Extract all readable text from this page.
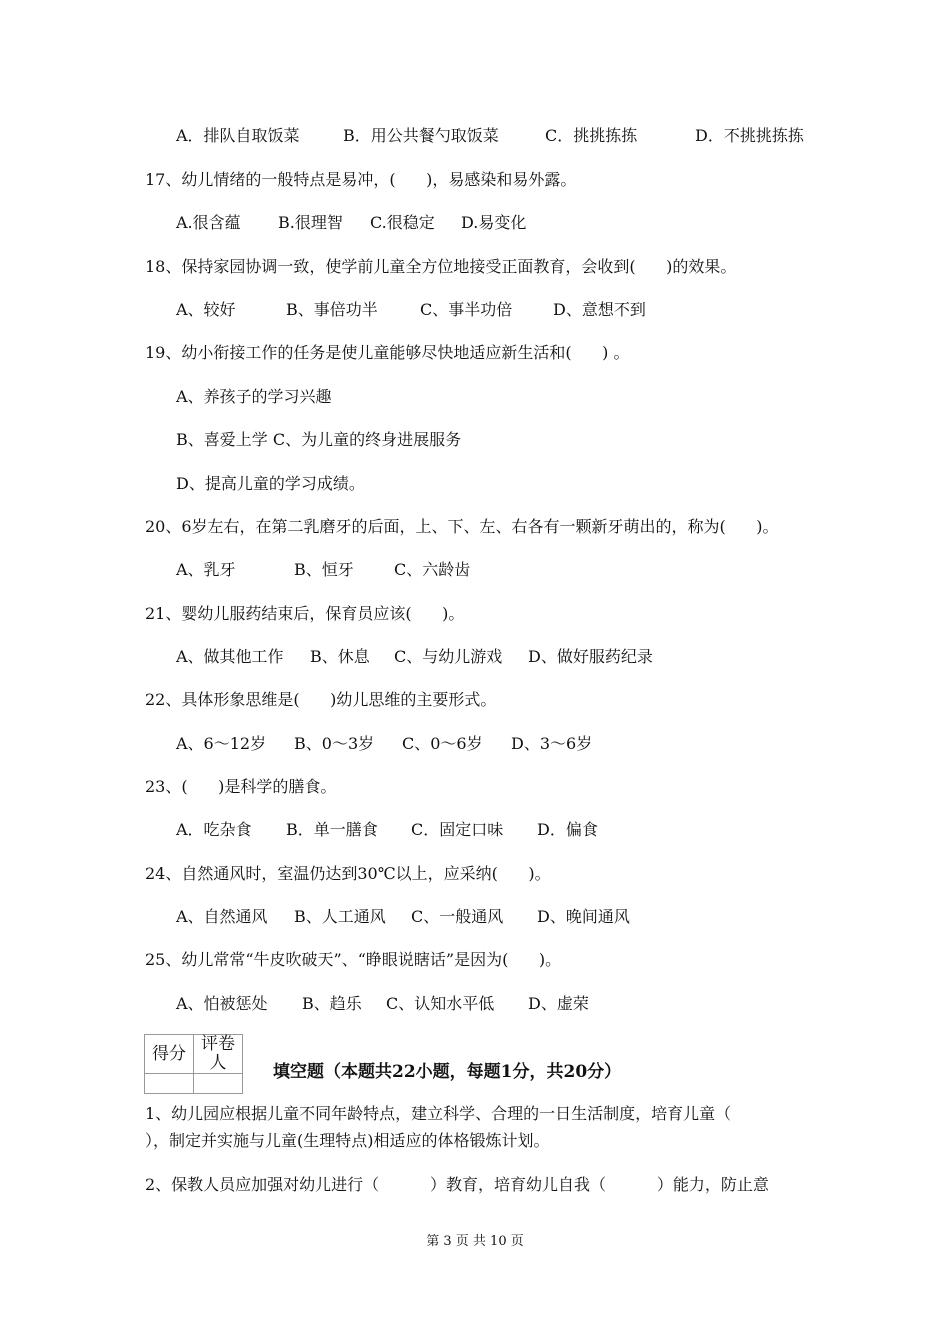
A．排队自取饭菜	B．用公共餐勺取饭菜	C．挑挑拣拣	D．不挑挑拣拣
17、幼儿情绪的一般特点是易冲，(      )，易感染和易外露。
A.很含蕴 B.很理智 C.很稳定 D.易变化
18、保持家园协调一致，使学前儿童全方位地接受正面教育，会收到(      )的效果。
A、较好	B、事倍功半	C、事半功倍	D、意想不到
19、幼小衔接工作的任务是使儿童能够尽快地适应新生活和(      ) 。
A、养孩子的学习兴趣
B、喜爱上学 C、为儿童的终身进展服务
D、提高儿童的学习成绩。
20、6岁左右，在第二乳磨牙的后面，上、下、左、右各有一颗新牙萌出的，称为(      )。
A、乳牙	B、恒牙	C、六龄齿
21、婴幼儿服药结束后，保育员应该(      )。
A、做其他工作 B、休息 C、与幼儿游戏 D、做好服药纪录
22、具体形象思维是(      )幼儿思维的主要形式。
A、6～12岁 B、0～3岁 C、0～6岁 D、3～6岁
23、(      )是科学的膳食。
A．吃杂食 B．单一膳食 C．固定口味 D．偏食
24、自然通风时，室温仍达到30℃以上，应采纳(      )。
A、自然通风 B、人工通风 C、一般通风 D、晚间通风
25、幼儿常常“牛皮吹破天”、“睁眼说瞎话”是因为(      )。
A、怕被惩处 B、趋乐 C、认知水平低 D、虚荣
得分	评卷人
		填空题（本题共22小题，每题1分，共20分）
1、幼儿园应根据儿童不同年龄特点，建立科学、合理的一日生活制度，培育儿童（
），制定并实施与儿童(生理特点)相适应的体格锻炼计划。
2、保教人员应加强对幼儿进行（          ）教育，培育幼儿自我（          ）能力，防止意
第 3 页 共 10 页
